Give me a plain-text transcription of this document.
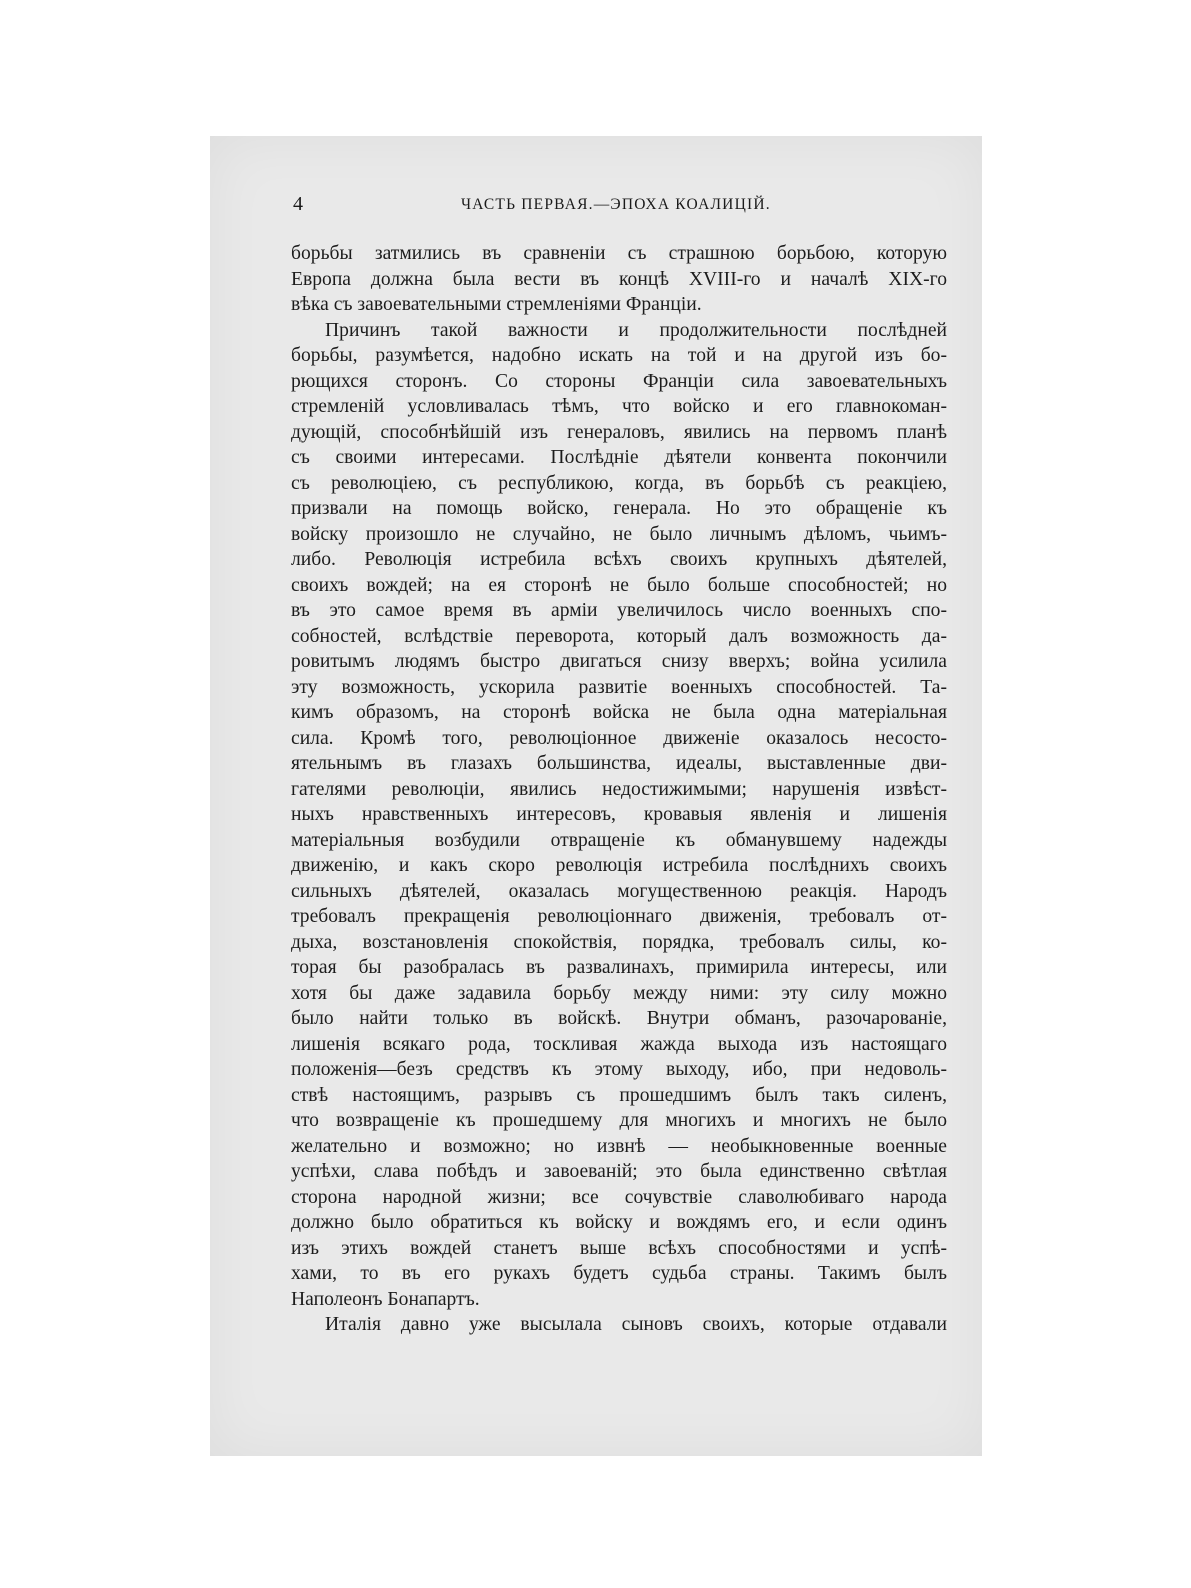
4	ЧАСТЬ ПЕРВАЯ.—ЭПОХА КОАЛИЦІЙ.
борьбы затмились въ сравненіи съ страшною борьбою, которую
Европа должна была вести въ концѣ XVIII-го и началѣ XIX-го
вѣка съ завоевательными стремленіями Франціи.
Причинъ такой важности и продолжительности послѣдней
борьбы, разумѣется, надобно искать на той и на другой изъ бо-
рющихся сторонъ. Со стороны Франціи сила завоевательныхъ
стремленій условливалась тѣмъ, что войско и его главнокоман-
дующій, способнѣйшій изъ генераловъ, явились на первомъ планѣ
съ своими интересами. Послѣдніе дѣятели конвента покончили
съ революціею, съ республикою, когда, въ борьбѣ съ реакціею,
призвали на помощь войско, генерала. Но это обращеніе къ
войску произошло не случайно, не было личнымъ дѣломъ, чьимъ-
либо. Революція истребила всѣхъ своихъ крупныхъ дѣятелей,
своихъ вождей; на ея сторонѣ не было больше способностей; но
въ это самое время въ арміи увеличилось число военныхъ спо-
собностей, вслѣдствіе переворота, который далъ возможность да-
ровитымъ людямъ быстро двигаться снизу вверхъ; война усилила
эту возможность, ускорила развитіе военныхъ способностей. Та-
кимъ образомъ, на сторонѣ войска не была одна матеріальная
сила. Кромѣ того, революціонное движеніе оказалось несосто-
ятельнымъ въ глазахъ большинства, идеалы, выставленные дви-
гателями революціи, явились недостижимыми; нарушенія извѣст-
ныхъ нравственныхъ интересовъ, кровавыя явленія и лишенія
матеріальныя возбудили отвращеніе къ обманувшему надежды
движенію, и какъ скоро революція истребила послѣднихъ своихъ
сильныхъ дѣятелей, оказалась могущественною реакція. Народъ
требовалъ прекращенія революціоннаго движенія, требовалъ от-
дыха, возстановленія спокойствія, порядка, требовалъ силы, ко-
торая бы разобралась въ развалинахъ, примирила интересы, или
хотя бы даже задавила борьбу между ними: эту силу можно
было найти только въ войскѣ. Внутри обманъ, разочарованіе,
лишенія всякаго рода, тоскливая жажда выхода изъ настоящаго
положенія—безъ средствъ къ этому выходу, ибо, при недоволь-
ствѣ настоящимъ, разрывъ съ прошедшимъ былъ такъ силенъ,
что возвращеніе къ прошедшему для многихъ и многихъ не было
желательно и возможно; но извнѣ — необыкновенные военные
успѣхи, слава побѣдъ и завоеваній; это была единственно свѣтлая
сторона народной жизни; все сочувствіе славолюбиваго народа
должно было обратиться къ войску и вождямъ его, и если одинъ
изъ этихъ вождей станетъ выше всѣхъ способностями и успѣ-
хами, то въ его рукахъ будетъ судьба страны. Такимъ былъ
Наполеонъ Бонапартъ.
Италія давно уже высылала сыновъ своихъ, которые отдавали
